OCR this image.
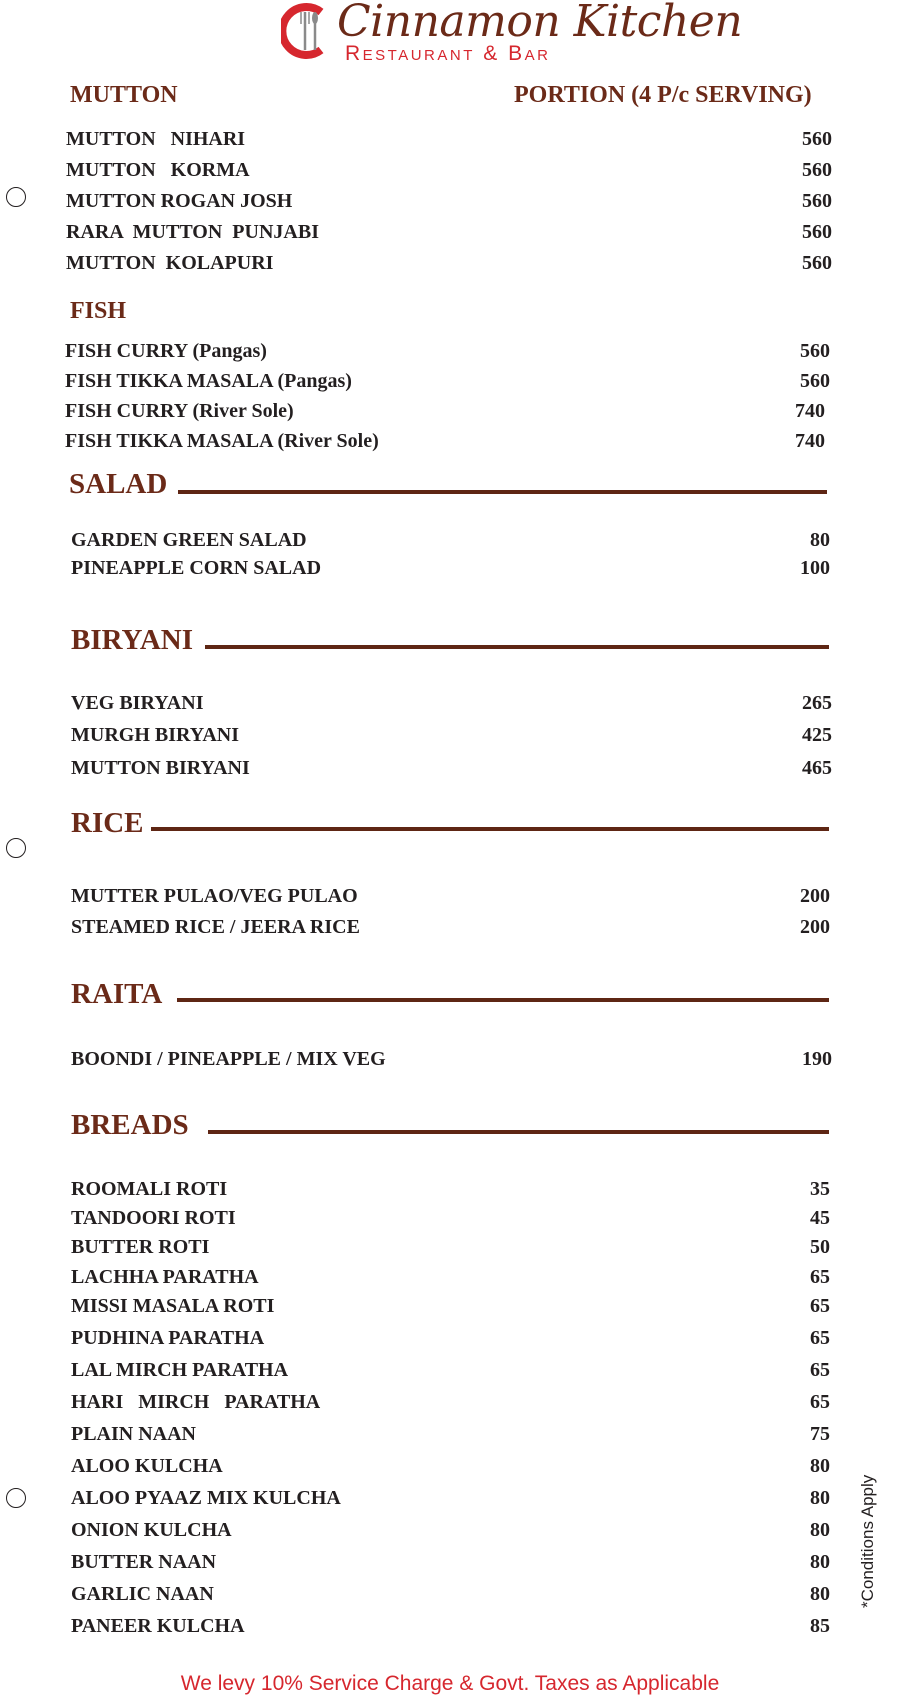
Cinnamon Kitchen
Restaurant & Bar
MUTTON	PORTION (4 P/c SERVING)
MUTTON   NIHARI	560
MUTTON   KORMA	560
MUTTON ROGAN JOSH	560
RARA  MUTTON  PUNJABI	560
MUTTON  KOLAPURI	560
FISH
FISH CURRY (Pangas)	560
FISH TIKKA MASALA (Pangas)	560
FISH CURRY (River Sole)	740
FISH TIKKA MASALA (River Sole)	740
SALAD
GARDEN GREEN SALAD	80
PINEAPPLE CORN SALAD	100
BIRYANI
VEG BIRYANI	265
MURGH BIRYANI	425
MUTTON BIRYANI	465
RICE
MUTTER PULAO/VEG PULAO	200
STEAMED RICE / JEERA RICE	200
RAITA
BOONDI / PINEAPPLE / MIX VEG	190
BREADS
ROOMALI ROTI	35
TANDOORI ROTI	45
BUTTER ROTI	50
LACHHA PARATHA	65
MISSI MASALA ROTI	65
PUDHINA PARATHA	65
LAL MIRCH PARATHA	65
HARI   MIRCH   PARATHA	65
PLAIN NAAN	75
ALOO KULCHA	80
ALOO PYAAZ MIX KULCHA	80
ONION KULCHA	80
BUTTER NAAN	80
GARLIC NAAN	80
PANEER KULCHA	85
*Conditions Apply
We levy 10% Service Charge & Govt. Taxes as Applicable
